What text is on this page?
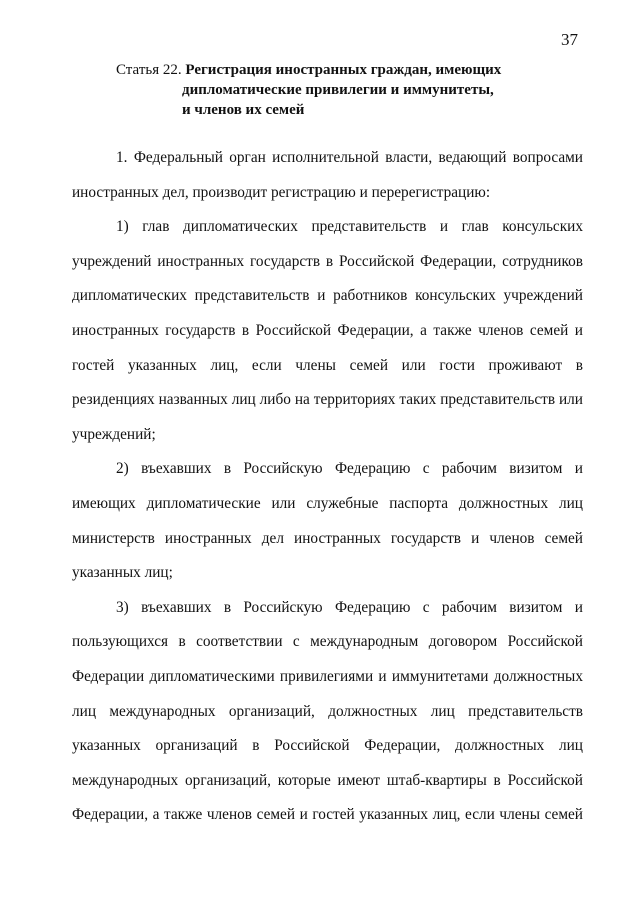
37
Статья 22. Регистрация иностранных граждан, имеющих
дипломатические привилегии и иммунитеты,
и членов их семей
1. Федеральный орган исполнительной власти, ведающий вопросами
иностранных дел, производит регистрацию и перерегистрацию:
1) глав дипломатических представительств и глав консульских
учреждений иностранных государств в Российской Федерации, сотрудников
дипломатических представительств и работников консульских учреждений
иностранных государств в Российской Федерации, а также членов семей и
гостей указанных лиц, если члены семей или гости проживают в
резиденциях названных лиц либо на территориях таких представительств или
учреждений;
2) въехавших в Российскую Федерацию с рабочим визитом и
имеющих дипломатические или служебные паспорта должностных лиц
министерств иностранных дел иностранных государств и членов семей
указанных лиц;
3) въехавших в Российскую Федерацию с рабочим визитом и
пользующихся в соответствии с международным договором Российской
Федерации дипломатическими привилегиями и иммунитетами должностных
лиц международных организаций, должностных лиц представительств
указанных организаций в Российской Федерации, должностных лиц
международных организаций, которые имеют штаб-квартиры в Российской
Федерации, а также членов семей и гостей указанных лиц, если члены семей
